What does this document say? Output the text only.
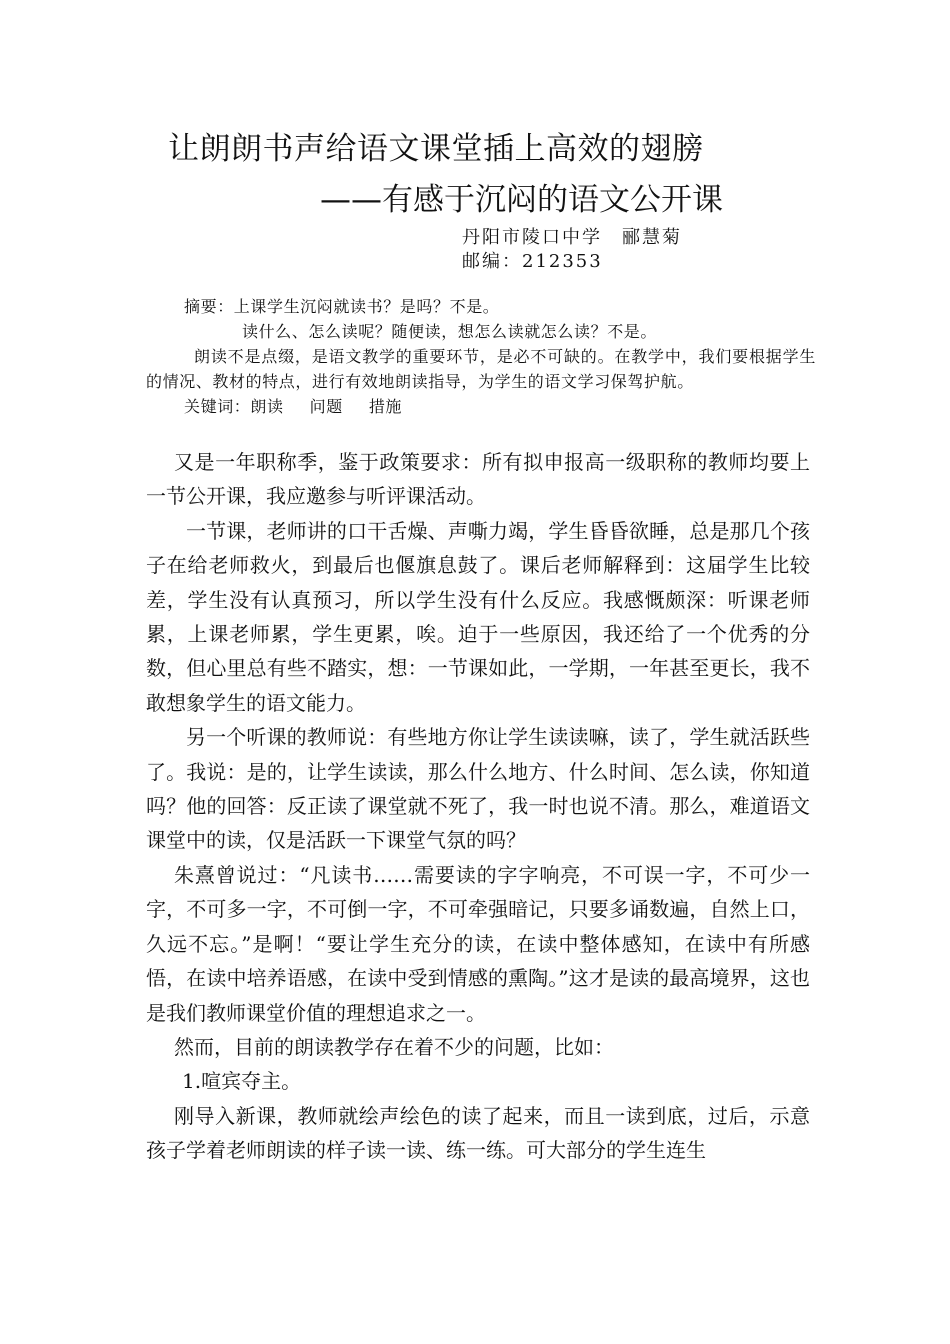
让朗朗书声给语文课堂插上高效的翅膀
——有感于沉闷的语文公开课
丹阳市陵口中学　郦慧菊
邮编：212353

摘要：上课学生沉闷就读书？是吗？不是。

读什么、怎么读呢？随便读，想怎么读就怎么读？不是。

朗读不是点缀，是语文教学的重要环节，是必不可缺的。在教学中，我们要根据学生的情况、教材的特点，进行有效地朗读指导，为学生的语文学习保驾护航。

关键词：朗读 问题 措施

又是一年职称季，鉴于政策要求：所有拟申报高一级职称的教师均要上一节公开课，我应邀参与听评课活动。

一节课，老师讲的口干舌燥、声嘶力竭，学生昏昏欲睡，总是那几个孩子在给老师救火，到最后也偃旗息鼓了。课后老师解释到：这届学生比较差，学生没有认真预习，所以学生没有什么反应。我感慨颇深：听课老师累，上课老师累，学生更累，唉。迫于一些原因，我还给了一个优秀的分数，但心里总有些不踏实，想：一节课如此，一学期，一年甚至更长，我不敢想象学生的语文能力。

另一个听课的教师说：有些地方你让学生读读嘛，读了，学生就活跃些了。我说：是的，让学生读读，那么什么地方、什么时间、怎么读，你知道吗？他的回答：反正读了课堂就不死了，我一时也说不清。那么，难道语文课堂中的读，仅是活跃一下课堂气氛的吗？

朱熹曾说过：“凡读书……需要读的字字响亮，不可误一字，不可少一字，不可多一字，不可倒一字，不可牵强暗记，只要多诵数遍，自然上口，久远不忘。”是啊！“要让学生充分的读，在读中整体感知，在读中有所感悟，在读中培养语感，在读中受到情感的熏陶。”这才是读的最高境界，这也是我们教师课堂价值的理想追求之一。

然而，目前的朗读教学存在着不少的问题，比如：

1.喧宾夺主。

刚导入新课，教师就绘声绘色的读了起来，而且一读到底，过后，示意孩子学着老师朗读的样子读一读、练一练。可大部分的学生连生
